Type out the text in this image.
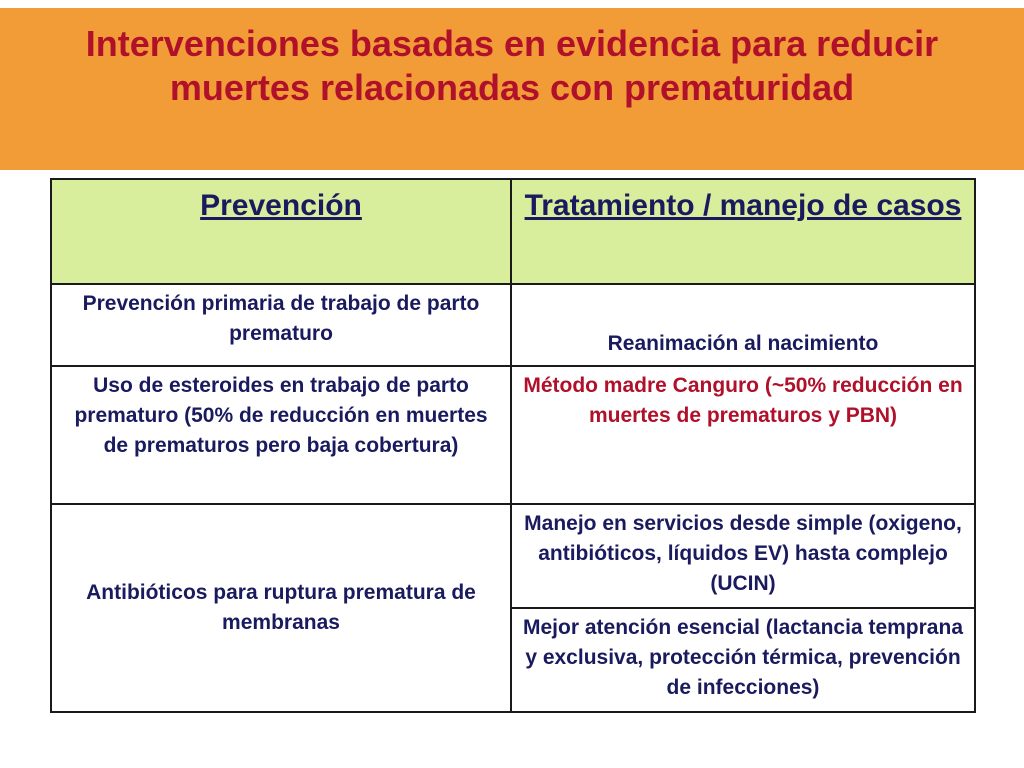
Intervenciones basadas en evidencia para reducir
muertes relacionadas con prematuridad
Prevención	Tratamiento / manejo de casos
Prevención primaria de trabajo de parto prematuro	Reanimación al nacimiento
Uso de esteroides en trabajo de parto prematuro (50% de reducción en muertes de prematuros pero baja cobertura)	Método madre Canguro (~50% reducción en muertes de prematuros y PBN)
Antibióticos para ruptura prematura de membranas	Manejo en servicios desde simple (oxigeno, antibióticos, líquidos EV) hasta complejo (UCIN)
	Mejor atención esencial (lactancia temprana y exclusiva, protección térmica, prevención de infecciones)
